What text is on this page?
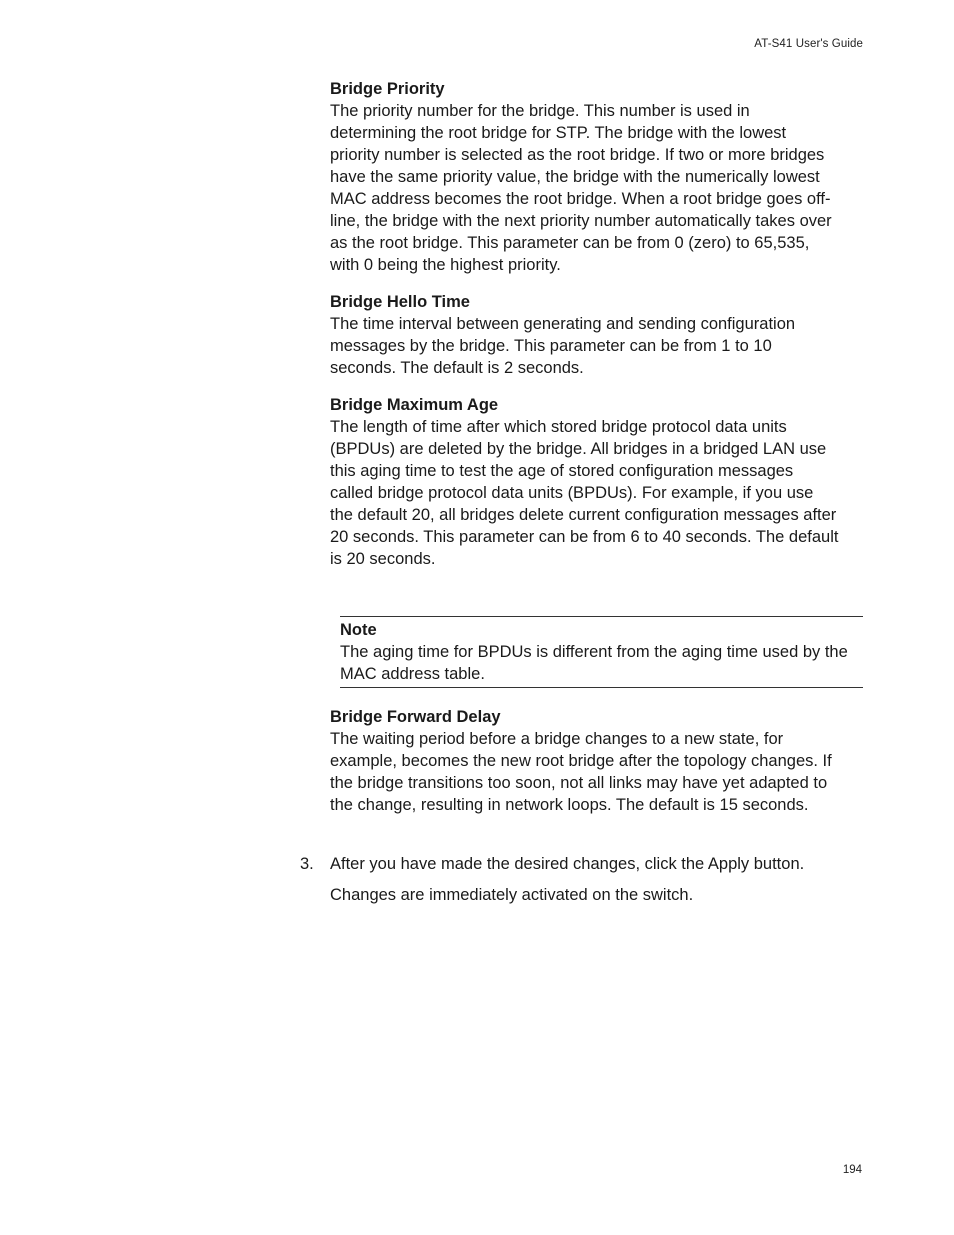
AT-S41 User's Guide

Bridge Priority

The priority number for the bridge. This number is used in determining the root bridge for STP. The bridge with the lowest priority number is selected as the root bridge. If two or more bridges have the same priority value, the bridge with the numerically lowest MAC address becomes the root bridge. When a root bridge goes off-line, the bridge with the next priority number automatically takes over as the root bridge. This parameter can be from 0 (zero) to 65,535, with 0 being the highest priority.

Bridge Hello Time

The time interval between generating and sending configuration messages by the bridge. This parameter can be from 1 to 10 seconds. The default is 2 seconds.

Bridge Maximum Age

The length of time after which stored bridge protocol data units (BPDUs) are deleted by the bridge. All bridges in a bridged LAN use this aging time to test the age of stored configuration messages called bridge protocol data units (BPDUs). For example, if you use the default 20, all bridges delete current configuration messages after 20 seconds. This parameter can be from 6 to 40 seconds. The default is 20 seconds.

Note

The aging time for BPDUs is different from the aging time used by the MAC address table.

Bridge Forward Delay

The waiting period before a bridge changes to a new state, for example, becomes the new root bridge after the topology changes. If the bridge transitions too soon, not all links may have yet adapted to the change, resulting in network loops. The default is 15 seconds.

3. After you have made the desired changes, click the Apply button.
Changes are immediately activated on the switch.
194
